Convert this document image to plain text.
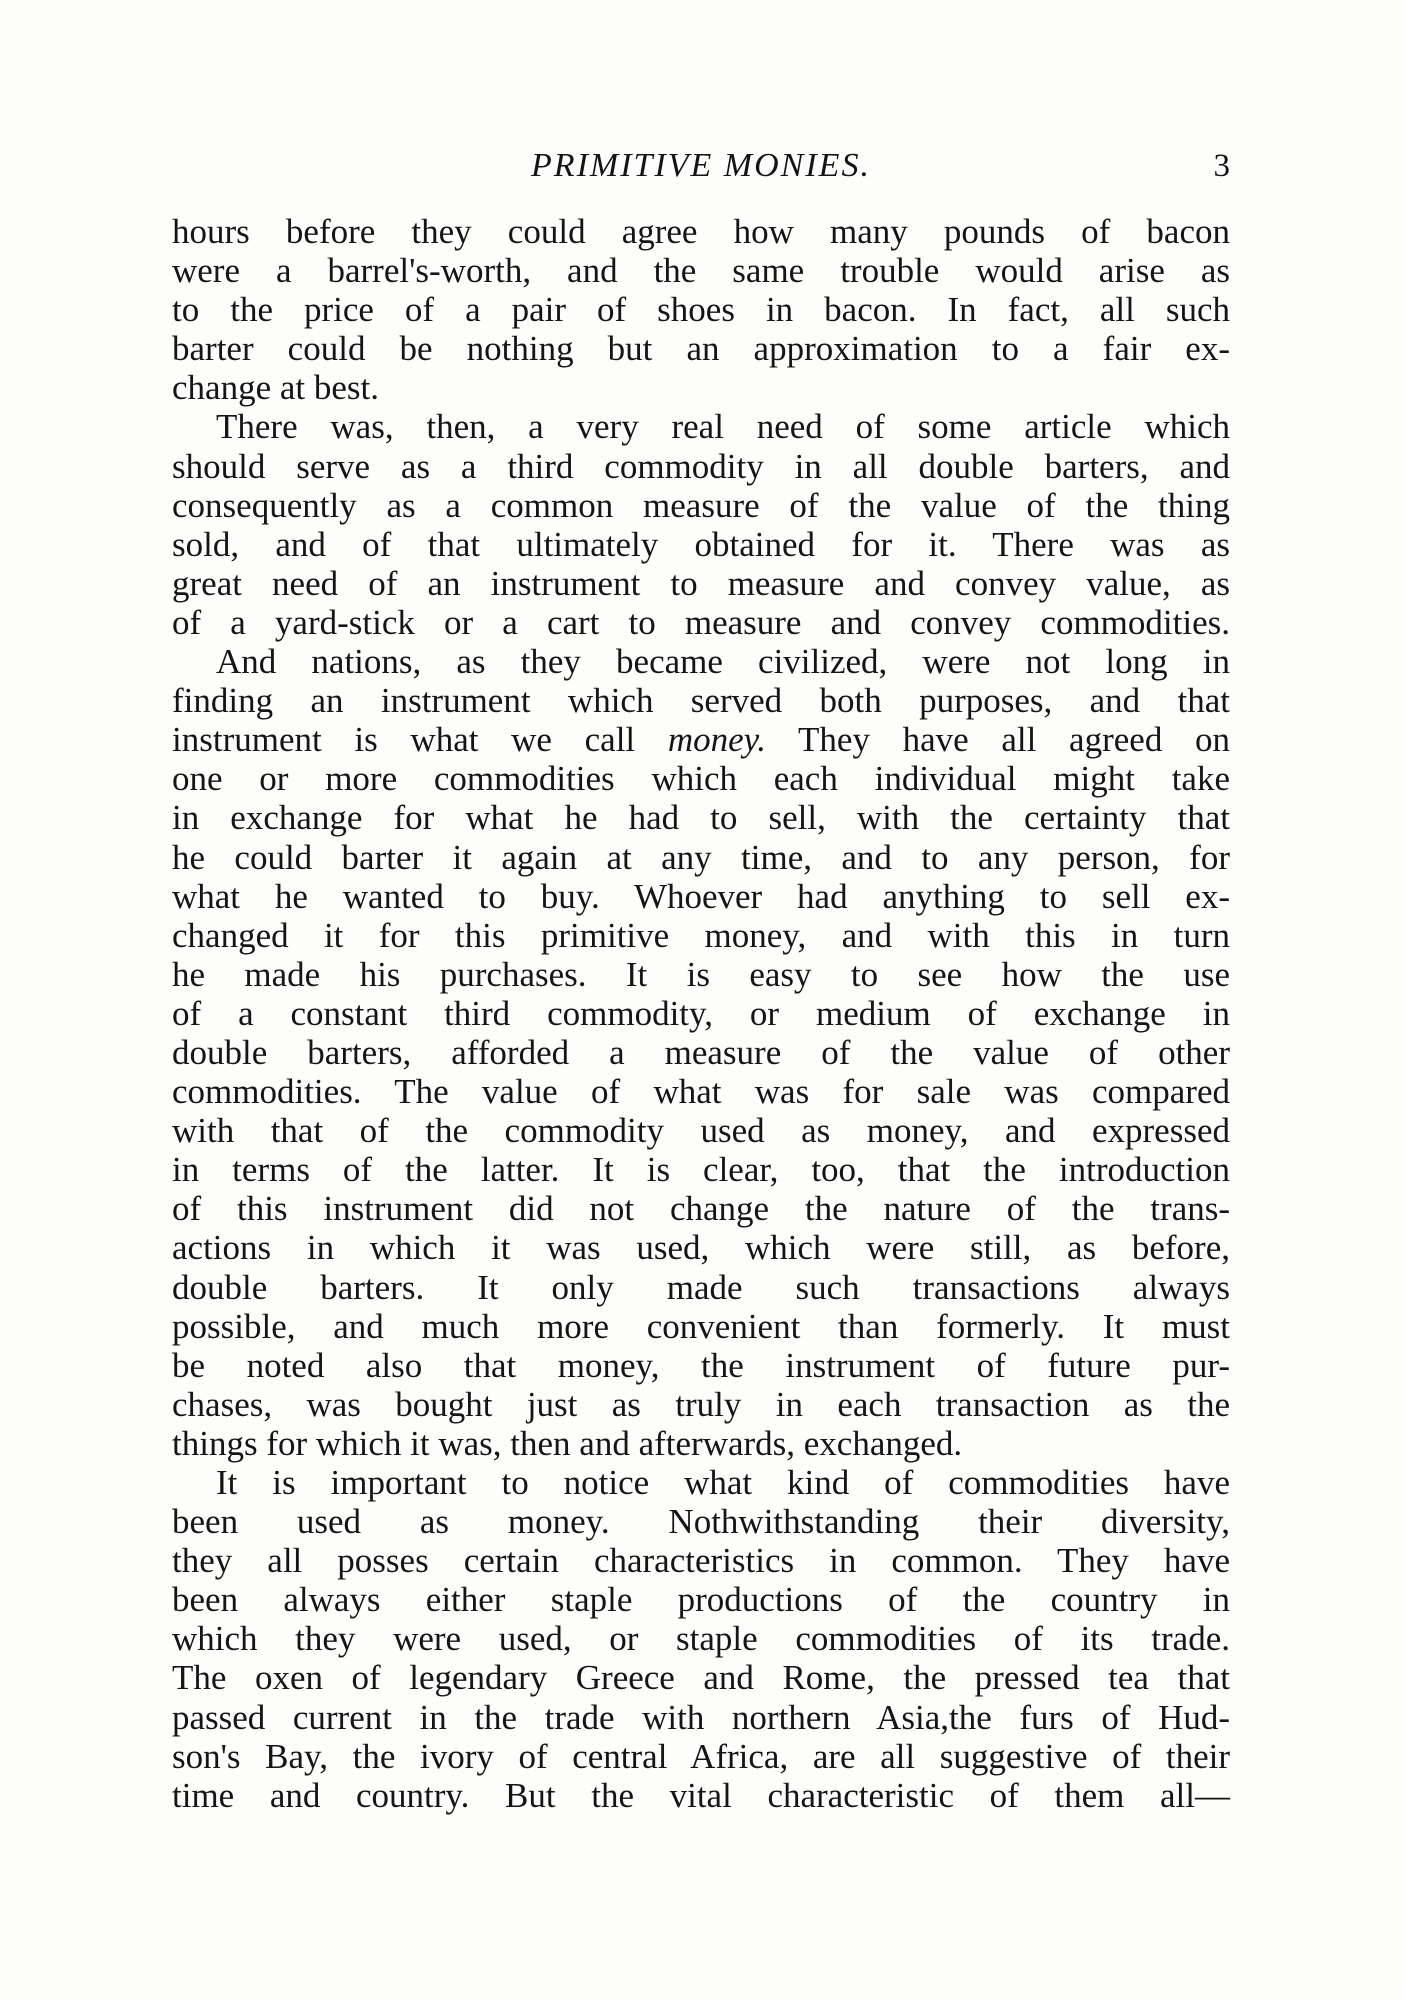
PRIMITIVE MONIES.	3
hours before they could agree how many pounds of bacon
were a barrel's-worth, and the same trouble would arise as
to the price of a pair of shoes in bacon. In fact, all such
barter could be nothing but an approximation to a fair ex-
change at best.
There was, then, a very real need of some article which
should serve as a third commodity in all double barters, and
consequently as a common measure of the value of the thing
sold, and of that ultimately obtained for it. There was as
great need of an instrument to measure and convey value, as
of a yard-stick or a cart to measure and convey commodities.
And nations, as they became civilized, were not long in
finding an instrument which served both purposes, and that
instrument is what we call money. They have all agreed on
one or more commodities which each individual might take
in exchange for what he had to sell, with the certainty that
he could barter it again at any time, and to any person, for
what he wanted to buy. Whoever had anything to sell ex-
changed it for this primitive money, and with this in turn
he made his purchases. It is easy to see how the use
of a constant third commodity, or medium of exchange in
double barters, afforded a measure of the value of other
commodities. The value of what was for sale was compared
with that of the commodity used as money, and expressed
in terms of the latter. It is clear, too, that the introduction
of this instrument did not change the nature of the trans-
actions in which it was used, which were still, as before,
double barters. It only made such transactions always
possible, and much more convenient than formerly. It must
be noted also that money, the instrument of future pur-
chases, was bought just as truly in each transaction as the
things for which it was, then and afterwards, exchanged.
It is important to notice what kind of commodities have
been used as money. Nothwithstanding their diversity,
they all posses certain characteristics in common. They have
been always either staple productions of the country in
which they were used, or staple commodities of its trade.
The oxen of legendary Greece and Rome, the pressed tea that
passed current in the trade with northern Asia,the furs of Hud-
son's Bay, the ivory of central Africa, are all suggestive of their
time and country. But the vital characteristic of them all—
